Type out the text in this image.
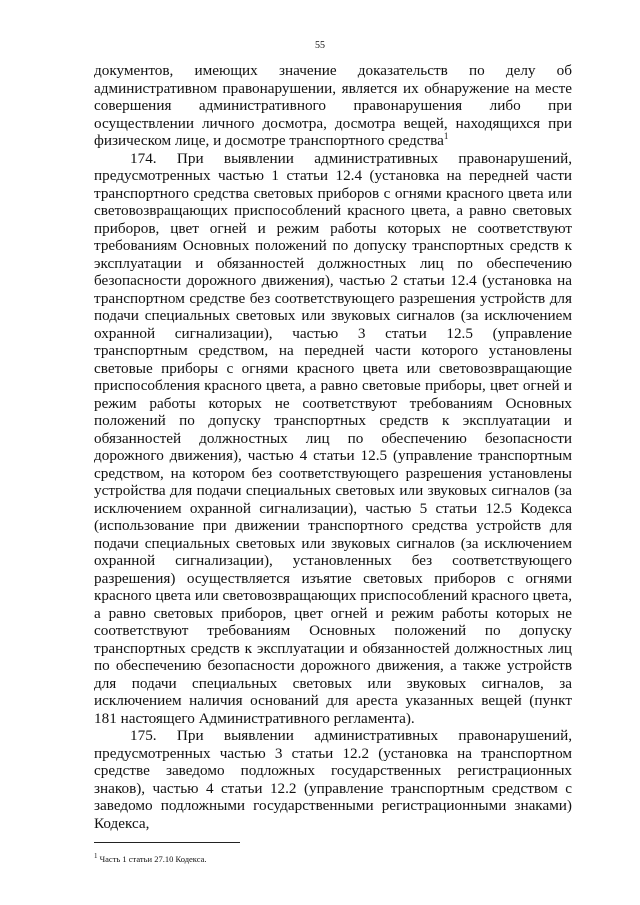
55

документов, имеющих значение доказательств по делу об административном правонарушении, является их обнаружение на месте совершения административного правонарушения либо при осуществлении личного досмотра, досмотра вещей, находящихся при физическом лице, и досмотре транспортного средства$^1$

174. При выявлении административных правонарушений, предусмотренных частью 1 статьи 12.4 (установка на передней части транспортного средства световых приборов с огнями красного цвета или световозвращающих приспособлений красного цвета, а равно световых приборов, цвет огней и режим работы которых не соответствуют требованиям Основных положений по допуску транспортных средств к эксплуатации и обязанностей должностных лиц по обеспечению безопасности дорожного движения), частью 2 статьи 12.4 (установка на транспортном средстве без соответствующего разрешения устройств для подачи специальных световых или звуковых сигналов (за исключением охранной сигнализации), частью 3 статьи 12.5 (управление транспортным средством, на передней части которого установлены световые приборы с огнями красного цвета или световозвращающие приспособления красного цвета, а равно световые приборы, цвет огней и режим работы которых не соответствуют требованиям Основных положений по допуску транспортных средств к эксплуатации и обязанностей должностных лиц по обеспечению безопасности дорожного движения), частью 4 статьи 12.5 (управление транспортным средством, на котором без соответствующего разрешения установлены устройства для подачи специальных световых или звуковых сигналов (за исключением охранной сигнализации), частью 5 статьи 12.5 Кодекса (использование при движении транспортного средства устройств для подачи специальных световых или звуковых сигналов (за исключением охранной сигнализации), установленных без соответствующего разрешения) осуществляется изъятие световых приборов с огнями красного цвета или световозвращающих приспособлений красного цвета, а равно световых приборов, цвет огней и режим работы которых не соответствуют требованиям Основных положений по допуску транспортных средств к эксплуатации и обязанностей должностных лиц по обеспечению безопасности дорожного движения, а также устройств для подачи специальных световых или звуковых сигналов, за исключением наличия оснований для ареста указанных вещей (пункт 181 настоящего Административного регламента).

175. При выявлении административных правонарушений, предусмотренных частью 3 статьи 12.2 (установка на транспортном средстве заведомо подложных государственных регистрационных знаков), частью 4 статьи 12.2 (управление транспортным средством с заведомо подложными государственными регистрационными знаками) Кодекса,

$^1$ Часть 1 статьи 27.10 Кодекса.
